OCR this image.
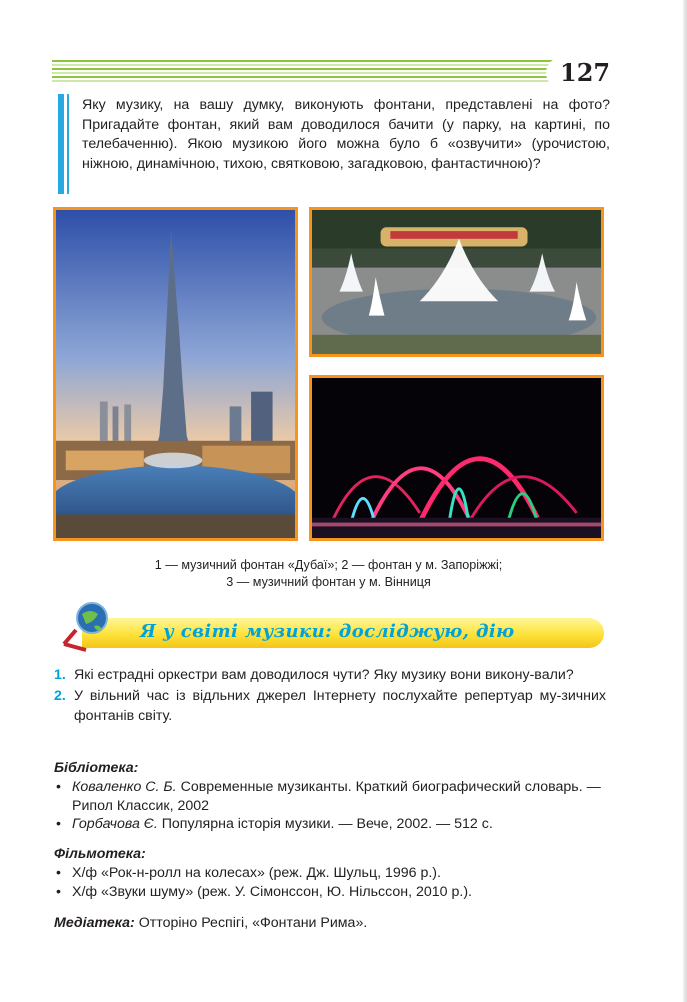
127

Яку музику, на вашу думку, виконують фонтани, представлені на фото? Пригадайте фонтан, який вам доводилося бачити (у парку, на картині, по телебаченню). Якою музикою його можна було б «озвучити» (урочистою, ніжною, динамічною, тихою, святковою, загадковою, фантастичною)?

1 — музичний фонтан «Дубаї»; 2 — фонтан у м. Запоріжжі;
3 — музичний фонтан у м. Вінниця
Я у світі музики: досліджую, дію
1. Які естрадні оркестри вам доводилося чути? Яку музику вони викону-вали?
2. У вільний час із відльних джерел Інтернету послухайте репертуар му-зичних фонтанів світу.
Бібліотека:
• Коваленко С. Б. Современные музиканты. Краткий биографический словарь. — Рипол Классик, 2002
• Горбачова Є. Популярна історія музики. — Вече, 2002. — 512 с.
Фільмотека:
• Х/ф «Рок-н-ролл на колесах» (реж. Дж. Шульц, 1996 р.).
• Х/ф «Звуки шуму» (реж. У. Сімонссон, Ю. Нільссон, 2010 р.).
Медіатека: Отторіно Респігі, «Фонтани Рима».
